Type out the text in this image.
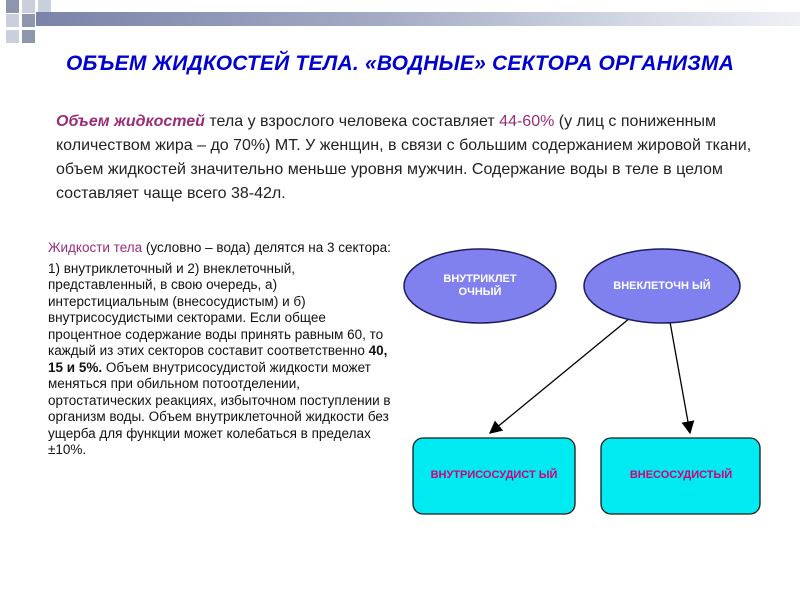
ОБЪЕМ ЖИДКОСТЕЙ ТЕЛА. «ВОДНЫЕ» СЕКТОРА ОРГАНИЗМА
Объем жидкостей тела у взрослого человека составляет 44-60% (у лиц с пониженным количеством жира – до 70%) МТ. У женщин, в связи с большим содержанием жировой ткани, объем жидкостей значительно меньше уровня мужчин. Содержание воды в теле в целом составляет чаще всего 38-42л.

Жидкости тела (условно – вода) делятся на 3 сектора:

1) внутриклеточный и 2) внеклеточный, представленный, в свою очередь, а) интерстициальным (внесосудистым) и б) внутрисосудистыми секторами. Если общее процентное содержание воды принять равным 60, то каждый из этих секторов составит соответственно 40, 15 и 5%. Объем внутрисосудистой жидкости может меняться при обильном потоотделении, ортостатических реакциях, избыточном поступлении в организм воды. Объем внутриклеточной жидкости без ущерба для функции может колебаться в пределах ±10%.

ВНУТРИКЛЕТ ОЧНЫЙ
ВНЕКЛЕТОЧН ЫЙ
ВНУТРИСОСУДИСТ ЫЙ	ВНЕСОСУДИСТЫЙ
